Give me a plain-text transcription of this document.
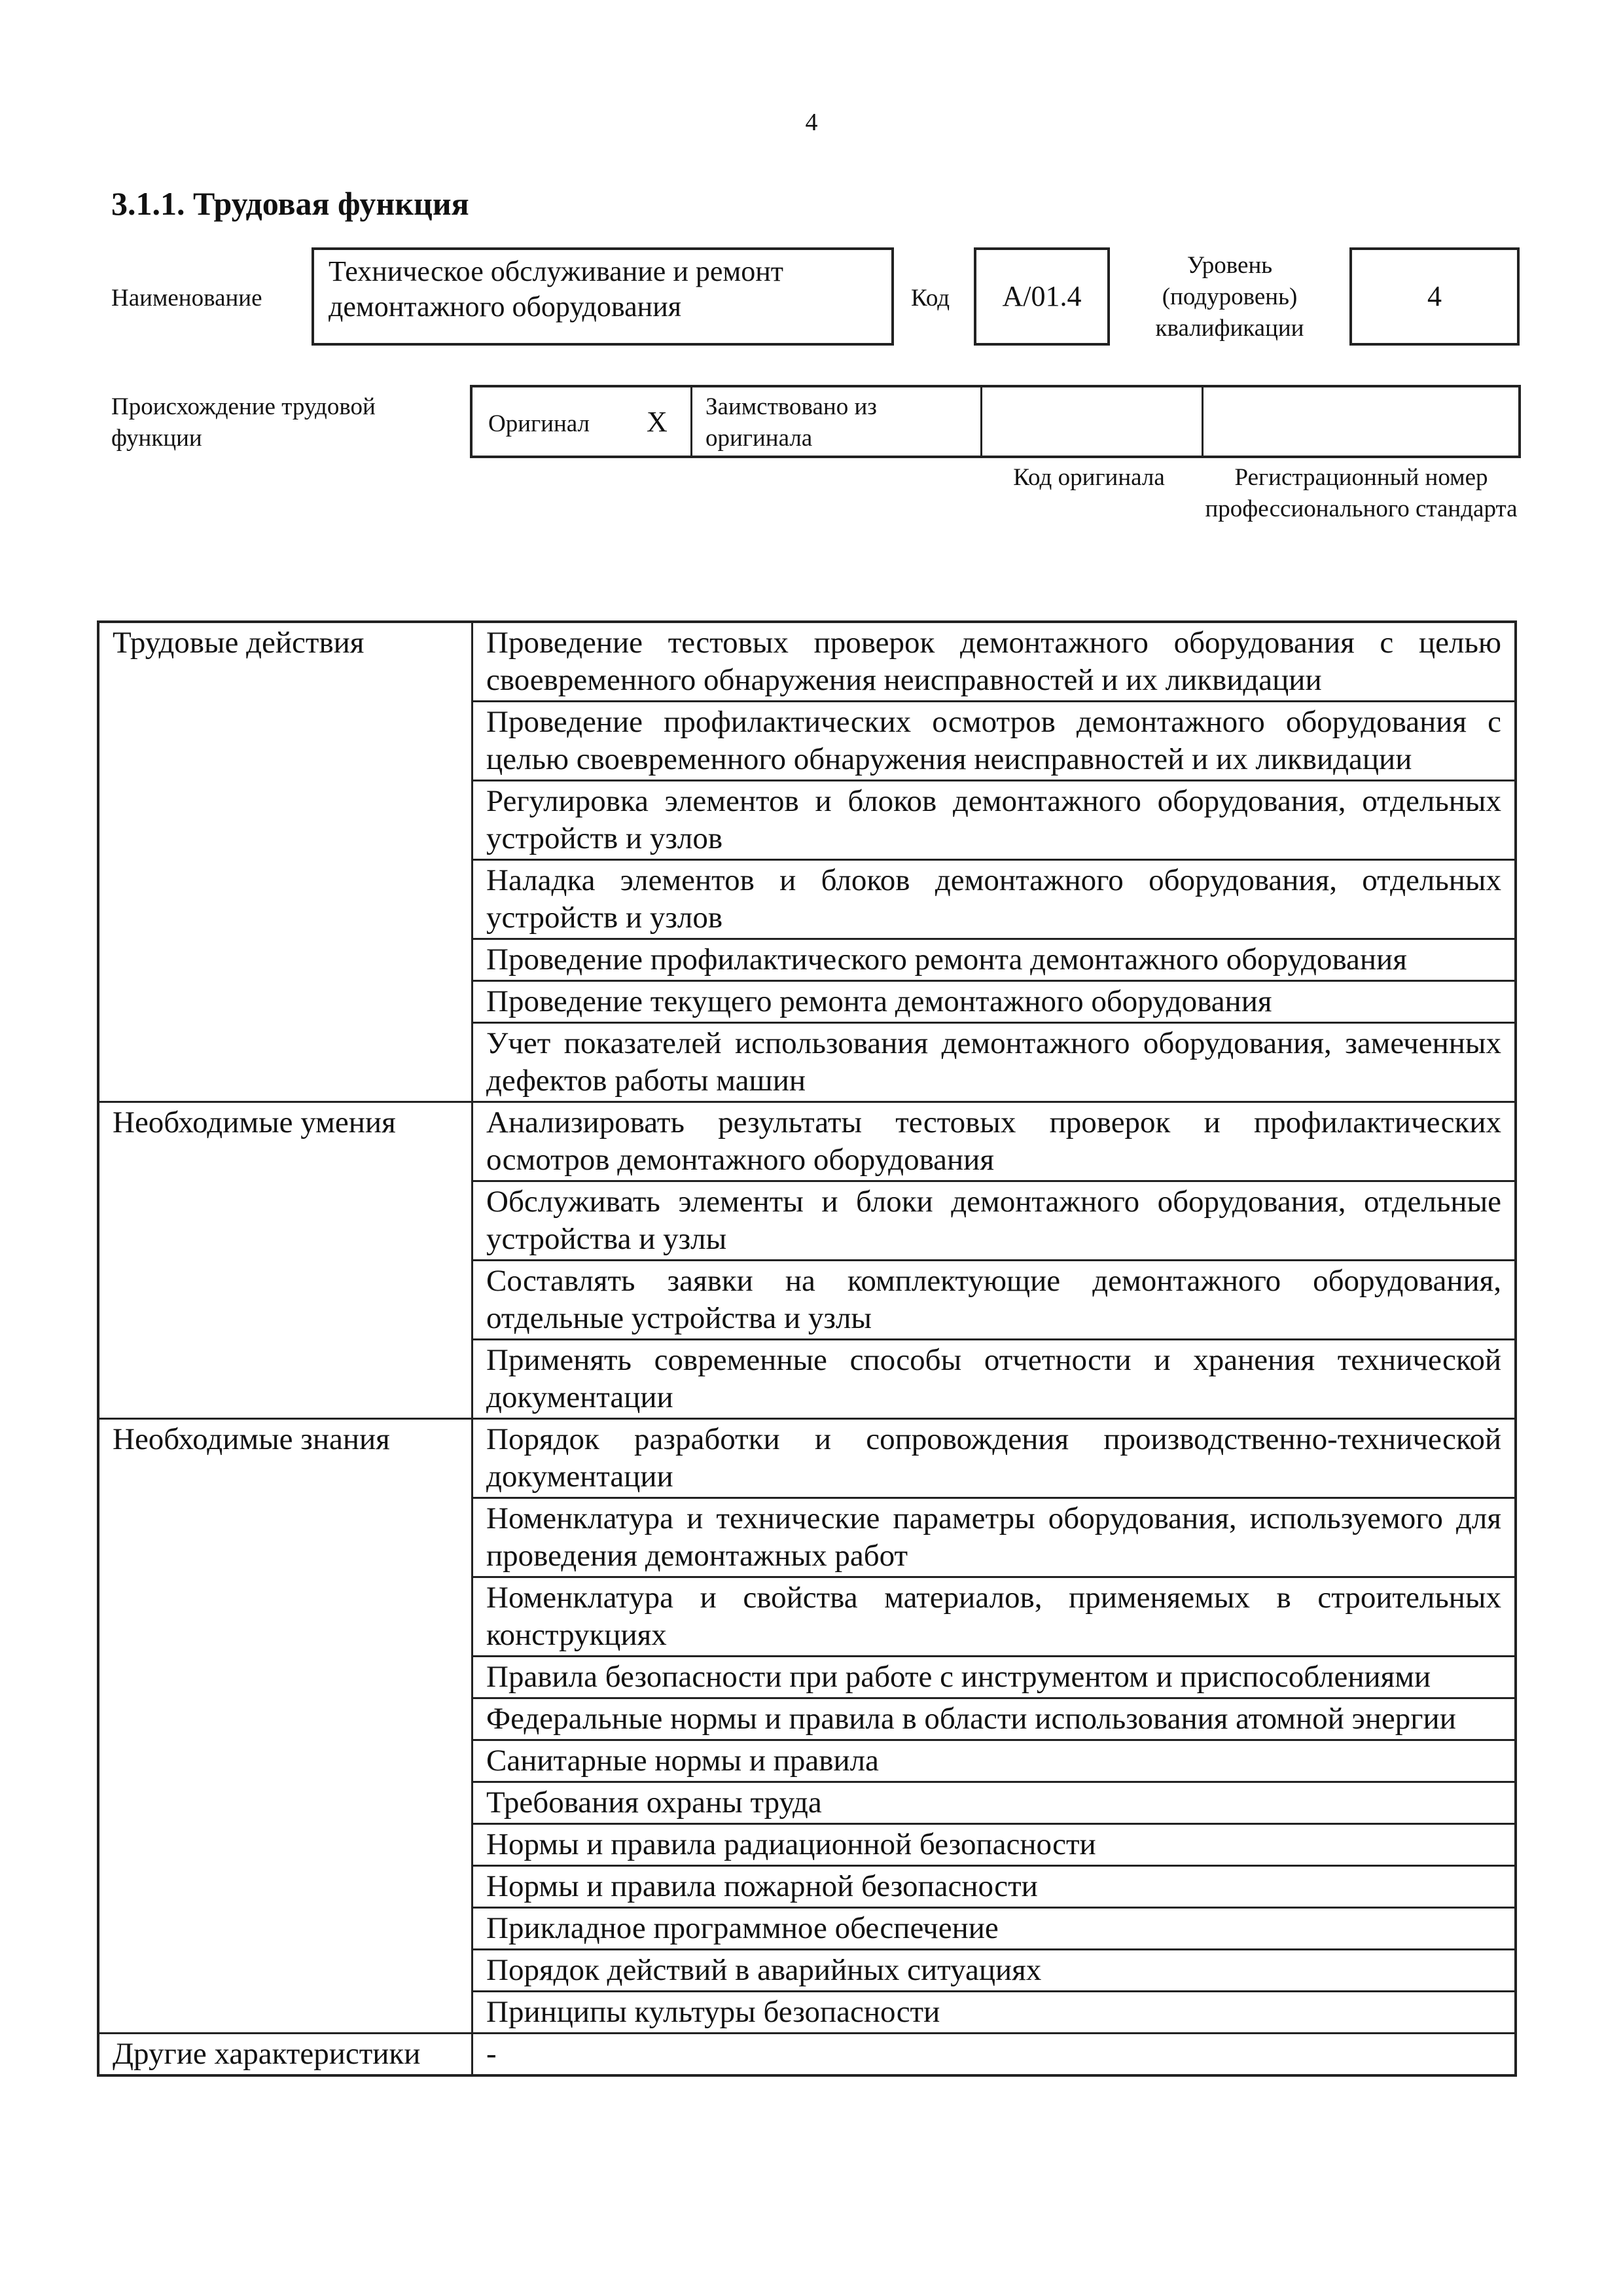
4
3.1.1. Трудовая функция
Наименование
Техническое обслуживание и ремонт демонтажного оборудования	Код	A/01.4
Уровень (подуровень) квалификации
4
Происхождение трудовой функции
Оригинал X Заимствовано из оригинала
Код оригинала	Регистрационный номер профессионального стандарта
Трудовые действия	Проведение тестовых проверок демонтажного оборудования с целью своевременного обнаружения неисправностей и их ликвидации
	Проведение профилактических осмотров демонтажного оборудования с целью своевременного обнаружения неисправностей и их ликвидации
	Регулировка элементов и блоков демонтажного оборудования, отдельных устройств и узлов
	Наладка элементов и блоков демонтажного оборудования, отдельных устройств и узлов
	Проведение профилактического ремонта демонтажного оборудования
	Проведение текущего ремонта демонтажного оборудования
	Учет показателей использования демонтажного оборудования, замеченных дефектов работы машин
Необходимые умения	Анализировать результаты тестовых проверок и профилактических осмотров демонтажного оборудования
	Обслуживать элементы и блоки демонтажного оборудования, отдельные устройства и узлы
	Составлять заявки на комплектующие демонтажного оборудования, отдельные устройства и узлы
	Применять современные способы отчетности и хранения технической документации
Необходимые знания	Порядок разработки и сопровождения производственно-технической документации
	Номенклатура и технические параметры оборудования, используемого для проведения демонтажных работ
	Номенклатура и свойства материалов, применяемых в строительных конструкциях
	Правила безопасности при работе с инструментом и приспособлениями
	Федеральные нормы и правила в области использования атомной энергии
	Санитарные нормы и правила
	Требования охраны труда
	Нормы и правила радиационной безопасности
	Нормы и правила пожарной безопасности
	Прикладное программное обеспечение
	Порядок действий в аварийных ситуациях
	Принципы культуры безопасности
Другие характеристики	-
